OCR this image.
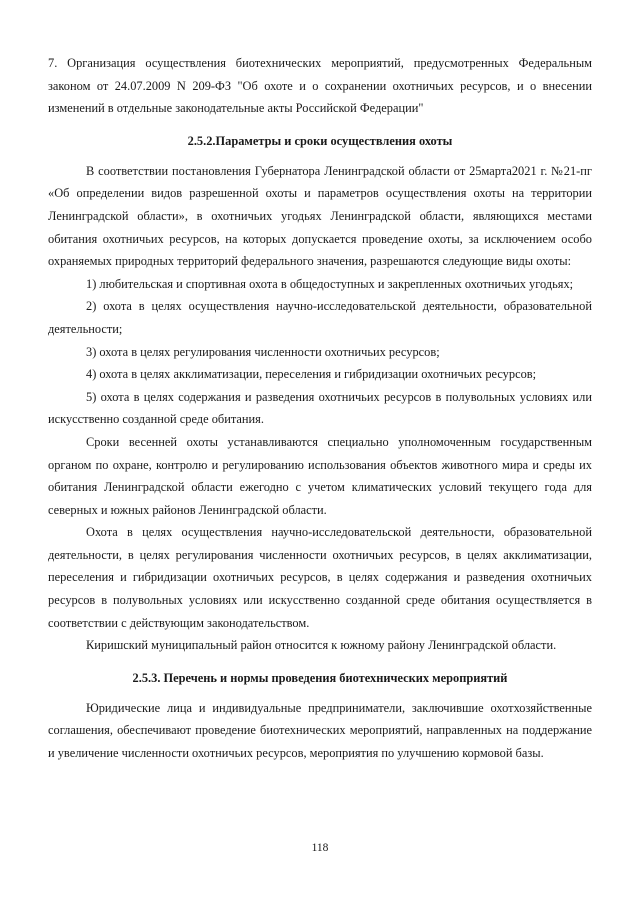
7. Организация осуществления биотехнических мероприятий, предусмотренных Федеральным законом от 24.07.2009 N 209-ФЗ "Об охоте и о сохранении охотничьих ресурсов, и о внесении изменений в отдельные законодательные акты Российской Федерации"

2.5.2.Параметры и сроки осуществления охоты

В соответствии постановления Губернатора Ленинградской области от 25марта2021 г. №21-пг «Об определении видов разрешенной охоты и параметров осуществления охоты на территории Ленинградской области», в охотничьих угодьях Ленинградской области, являющихся местами обитания охотничьих ресурсов, на которых допускается проведение охоты, за исключением особо охраняемых природных территорий федерального значения, разрешаются следующие виды охоты:

1) любительская и спортивная охота в общедоступных и закрепленных охотничьих угодьях;

2) охота в целях осуществления научно-исследовательской деятельности, образовательной деятельности;

3) охота в целях регулирования численности охотничьих ресурсов;

4) охота в целях акклиматизации, переселения и гибридизации охотничьих ресурсов;

5) охота в целях содержания и разведения охотничьих ресурсов в полувольных условиях или искусственно созданной среде обитания.

Сроки весенней охоты устанавливаются специально уполномоченным государственным органом по охране, контролю и регулированию использования объектов животного мира и среды их обитания Ленинградской области ежегодно с учетом климатических условий текущего года для северных и южных районов Ленинградской области.

Охота в целях осуществления научно-исследовательской деятельности, образовательной деятельности, в целях регулирования численности охотничьих ресурсов, в целях акклиматизации, переселения и гибридизации охотничьих ресурсов, в целях содержания и разведения охотничьих ресурсов в полувольных условиях или искусственно созданной среде обитания осуществляется в соответствии с действующим законодательством.

Киришский муниципальный район относится к южному району Ленинградской области.

2.5.3. Перечень и нормы проведения биотехнических мероприятий

Юридические лица и индивидуальные предприниматели, заключившие охотхозяйственные соглашения, обеспечивают проведение биотехнических мероприятий, направленных на поддержание и увеличение численности охотничьих ресурсов, мероприятия по улучшению кормовой базы.

118
